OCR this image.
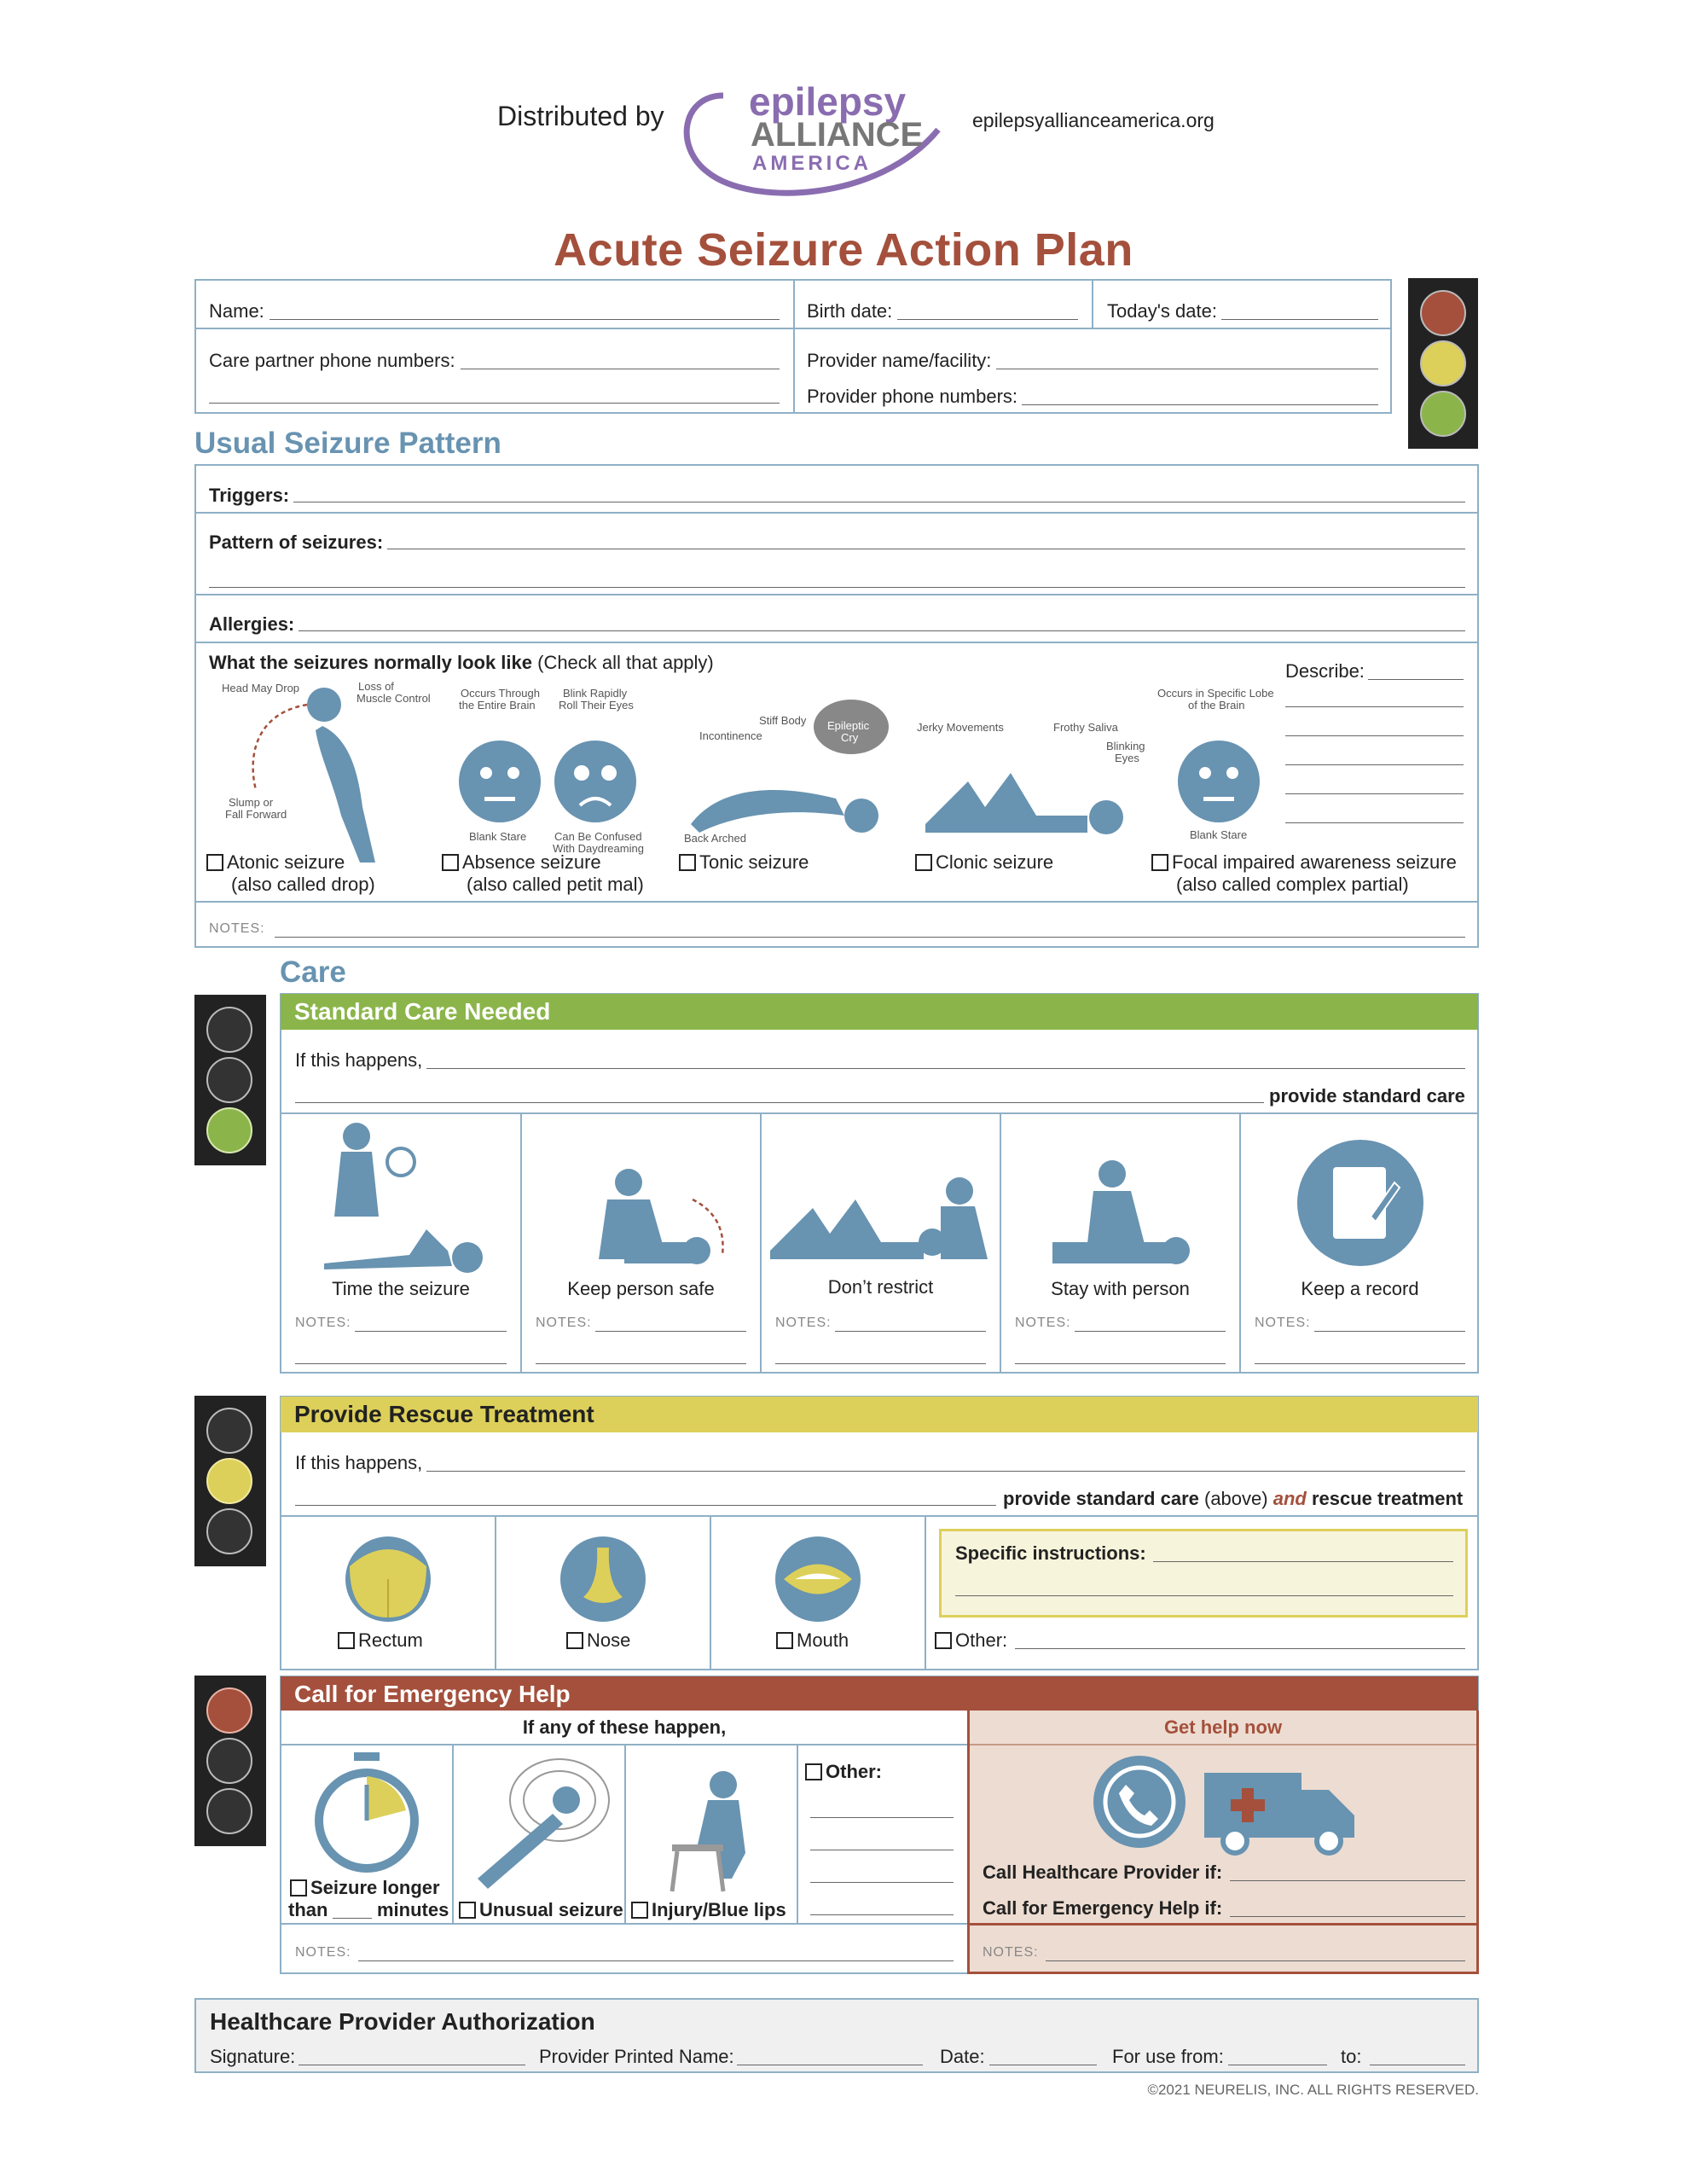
Distributed by epilepsy
ALLIANCE
AMERICA
epilepsyallianceamerica.org
Acute Seizure Action Plan
Name:	Birth date:	Today's date:
Care partner phone numbers:	Provider name/facility:
Provider phone numbers:
Usual Seizure Pattern
Triggers:
Pattern of seizures:
Allergies:
What the seizures normally look like (Check all that apply)	Describe:
Head May Drop	Loss of
Muscle Control
Slump or
Fall Forward
Occurs Through
the Entire Brain
Blink Rapidly
Roll Their Eyes
Blank Stare	Can Be Confused
With Daydreaming
Stiff Body
Incontinence
Epileptic
Cry
Back Arched
Jerky Movements	Frothy Saliva
Blinking
Eyes
Occurs in Specific Lobe
of the Brain
Blank Stare
Atonic seizure
(also called drop)
Absence seizure
(also called petit mal)
Tonic seizure	Clonic seizure	Focal impaired awareness seizure
(also called complex partial)
NOTES:
Care
Standard Care Needed
If this happens,
provide standard care
Time the seizure
NOTES:
Keep person safe
NOTES:
Don’t restrict
NOTES:
Stay with person
NOTES:
Keep a record
NOTES:
Provide Rescue Treatment
If this happens,
provide standard care (above) and rescue treatment
Rectum	Nose	Mouth
Specific instructions:
Other:
Call for Emergency Help
If any of these happen,
Seizure longer
than	minutes	Unusual seizure	Injury/Blue lips
Other:
Get help now
Call Healthcare Provider if:
Call for Emergency Help if:
NOTES:	NOTES:
Healthcare Provider Authorization
Signature:	Provider Printed Name:	Date:	For use from:	to:
©2021 NEURELIS, INC. ALL RIGHTS RESERVED.
